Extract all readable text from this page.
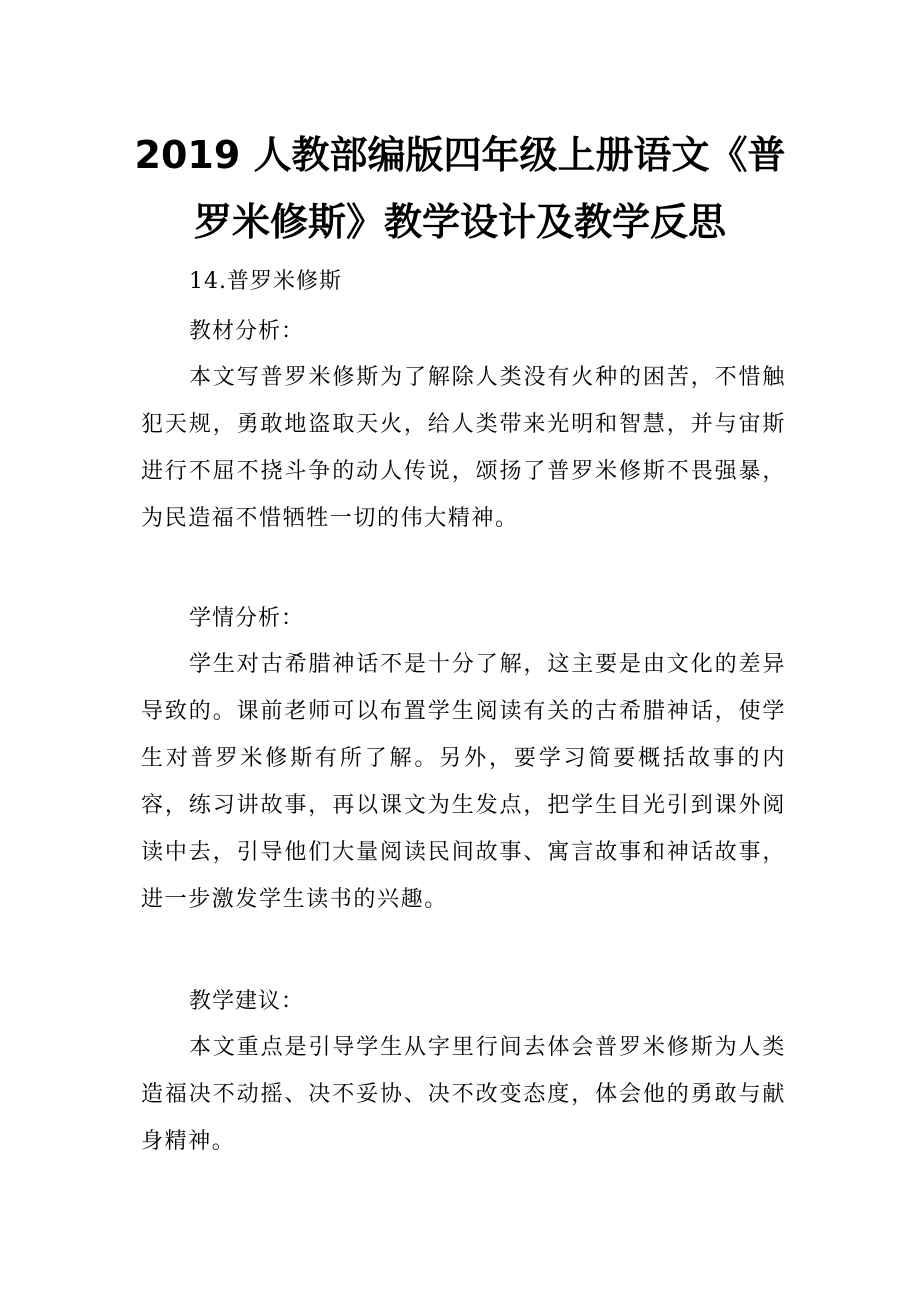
2019 人教部编版四年级上册语文《普
罗米修斯》教学设计及教学反思

14.普罗米修斯

教材分析：

本文写普罗米修斯为了解除人类没有火种的困苦，不惜触犯天规，勇敢地盗取天火，给人类带来光明和智慧，并与宙斯进行不屈不挠斗争的动人传说，颂扬了普罗米修斯不畏强暴，为民造福不惜牺牲一切的伟大精神。

学情分析：

学生对古希腊神话不是十分了解，这主要是由文化的差异导致的。课前老师可以布置学生阅读有关的古希腊神话，使学生对普罗米修斯有所了解。另外，要学习简要概括故事的内容，练习讲故事，再以课文为生发点，把学生目光引到课外阅读中去，引导他们大量阅读民间故事、寓言故事和神话故事，进一步激发学生读书的兴趣。

教学建议：

本文重点是引导学生从字里行间去体会普罗米修斯为人类造福决不动摇、决不妥协、决不改变态度，体会他的勇敢与献身精神。
